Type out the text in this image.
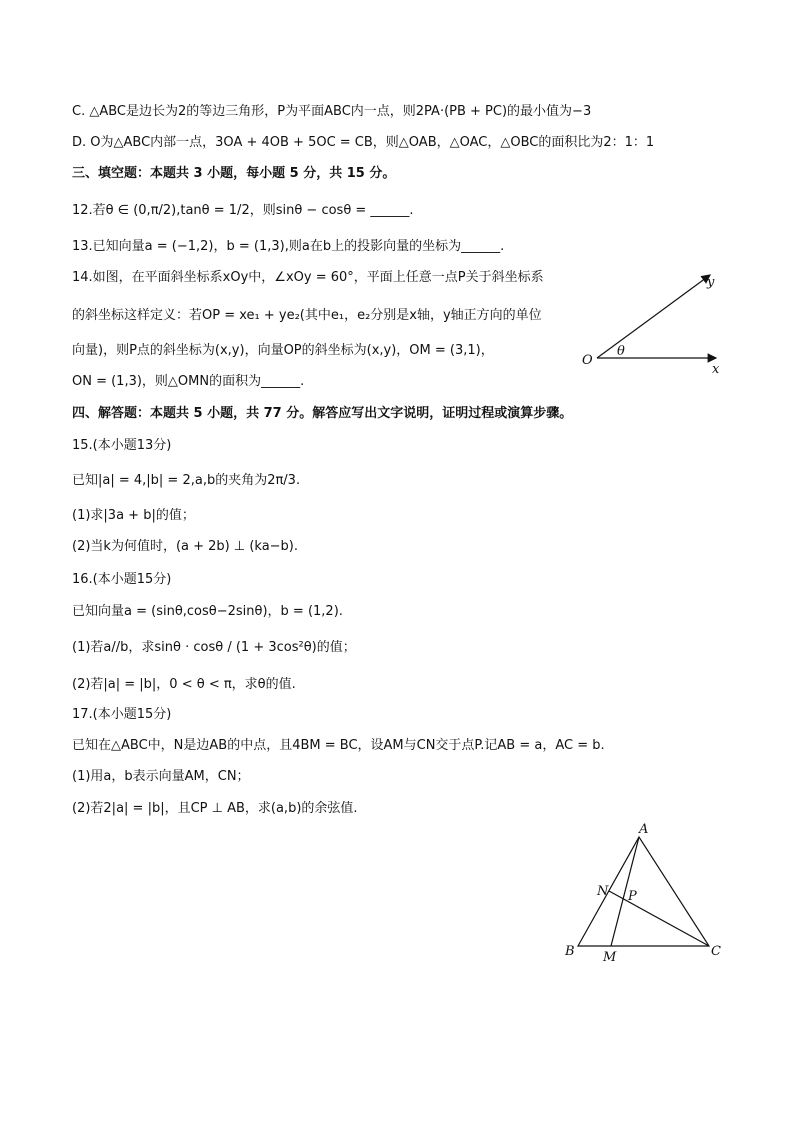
C. △ABC是边长为2的等边三角形，P为平面ABC内一点，则2PA·(PB + PC)的最小值为−3
D. O为△ABC内部一点，3OA + 4OB + 5OC = CB，则△OAB，△OAC，△OBC的面积比为2：1：1
三、填空题：本题共 3 小题，每小题 5 分，共 15 分。
12.若θ ∈ (0,π/2),tanθ = 1/2，则sinθ − cosθ = ______.
13.已知向量a = (−1,2)，b = (1,3),则a在b上的投影向量的坐标为______.
14.如图，在平面斜坐标系xOy中，∠xOy = 60°，平面上任意一点P关于斜坐标系
的斜坐标这样定义：若OP = xe₁ + ye₂(其中e₁，e₂分别是x轴，y轴正方向的单位
向量)，则P点的斜坐标为(x,y)，向量OP的斜坐标为(x,y)，OM = (3,1)，
ON = (1,3)，则△OMN的面积为______.
四、解答题：本题共 5 小题，共 77 分。解答应写出文字说明，证明过程或演算步骤。
15.(本小题13分)
已知|a| = 4,|b| = 2,a,b的夹角为2π/3.
(1)求|3a + b|的值；
(2)当k为何值时，(a + 2b) ⊥ (ka−b).
16.(本小题15分)
已知向量a = (sinθ,cosθ−2sinθ)，b = (1,2).
(1)若a//b，求sinθ · cosθ / (1 + 3cos²θ)的值；
(2)若|a| = |b|，0 < θ < π，求θ的值.
17.(本小题15分)
已知在△ABC中，N是边AB的中点，且4BM = BC，设AM与CN交于点P.记AB = a，AC = b.
(1)用a，b表示向量AM，CN；
(2)若2|a| = |b|，且CP ⊥ AB，求(a,b)的余弦值.
O
x
y
θ
A
B	C
M
N P
